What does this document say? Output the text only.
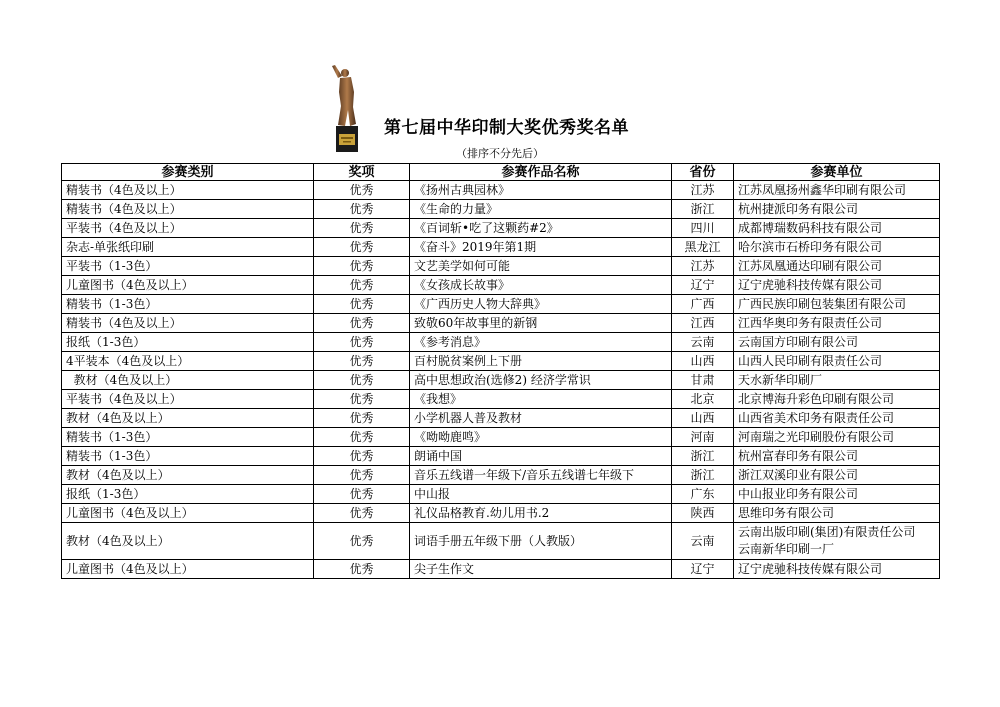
第七届中华印制大奖优秀奖名单
（排序不分先后）
参赛类别	奖项	参赛作品名称	省份	参赛单位
精装书（4色及以上）	优秀	《扬州古典园林》	江苏	江苏凤凰扬州鑫华印刷有限公司

精装书（4色及以上）	优秀	《生命的力量》	浙江	杭州捷派印务有限公司

平装书（4色及以上）	优秀	《百词斩•吃了这颗药#2》	四川	成都博瑞数码科技有限公司

杂志-单张纸印刷	优秀	《奋斗》2019年第1期	黑龙江	哈尔滨市石桥印务有限公司

平装书（1-3色）	优秀	文艺美学如何可能	江苏	江苏凤凰通达印刷有限公司

儿童图书（4色及以上）	优秀	《女孩成长故事》	辽宁	辽宁虎驰科技传媒有限公司

精装书（1-3色）	优秀	《广西历史人物大辞典》	广西	广西民族印刷包装集团有限公司

精装书（4色及以上）	优秀	致敬60年故事里的新钢	江西	江西华奥印务有限责任公司

报纸（1-3色）	优秀	《参考消息》	云南	云南国方印刷有限公司

4平装本（4色及以上）	优秀	百村脱贫案例上下册	山西	山西人民印刷有限责任公司

教材（4色及以上）	优秀	高中思想政治(选修2) 经济学常识	甘肃	天水新华印刷厂

平装书（4色及以上）	优秀	《我想》	北京	北京博海升彩色印刷有限公司

教材（4色及以上）	优秀	小学机器人普及教材	山西	山西省美术印务有限责任公司

精装书（1-3色）	优秀	《呦呦鹿鸣》	河南	河南瑞之光印刷股份有限公司

精装书（1-3色）	优秀	朗诵中国	浙江	杭州富春印务有限公司

教材（4色及以上）	优秀	音乐五线谱一年级下/音乐五线谱七年级下	浙江	浙江双溪印业有限公司

报纸（1-3色）	优秀	中山报	广东	中山报业印务有限公司

儿童图书（4色及以上）	优秀	礼仪品格教育.幼儿用书.2	陕西	思维印务有限公司

教材（4色及以上）	优秀	词语手册五年级下册（人教版）	云南	云南出版印刷(集团)有限责任公司
云南新华印刷一厂

儿童图书（4色及以上）	优秀	尖子生作文	辽宁	辽宁虎驰科技传媒有限公司
